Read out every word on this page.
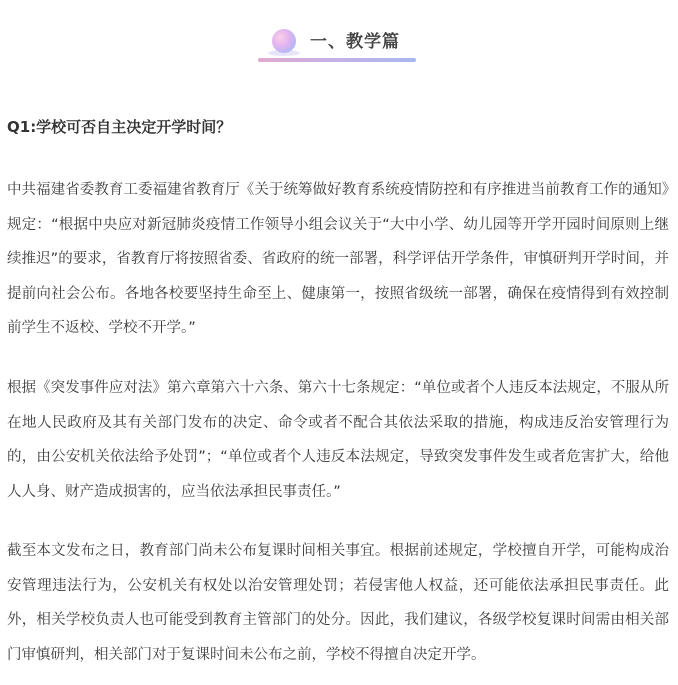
一、教学篇
Q1:学校可否自主决定开学时间？

中共福建省委教育工委福建省教育厅《关于统筹做好教育系统疫情防控和有序推进当前教育工作的通知》规定：“根据中央应对新冠肺炎疫情工作领导小组会议关于“大中小学、幼儿园等开学开园时间原则上继续推迟”的要求，省教育厅将按照省委、省政府的统一部署，科学评估开学条件，审慎研判开学时间，并提前向社会公布。各地各校要坚持生命至上、健康第一，按照省级统一部署，确保在疫情得到有效控制前学生不返校、学校不开学。”

根据《突发事件应对法》第六章第六十六条、第六十七条规定：“单位或者个人违反本法规定，不服从所在地人民政府及其有关部门发布的决定、命令或者不配合其依法采取的措施，构成违反治安管理行为的，由公安机关依法给予处罚”；“单位或者个人违反本法规定，导致突发事件发生或者危害扩大，给他人人身、财产造成损害的，应当依法承担民事责任。”

截至本文发布之日，教育部门尚未公布复课时间相关事宜。根据前述规定，学校擅自开学，可能构成治安管理违法行为，公安机关有权处以治安管理处罚；若侵害他人权益，还可能依法承担民事责任。此外，相关学校负责人也可能受到教育主管部门的处分。因此，我们建议，各级学校复课时间需由相关部门审慎研判，相关部门对于复课时间未公布之前，学校不得擅自决定开学。
